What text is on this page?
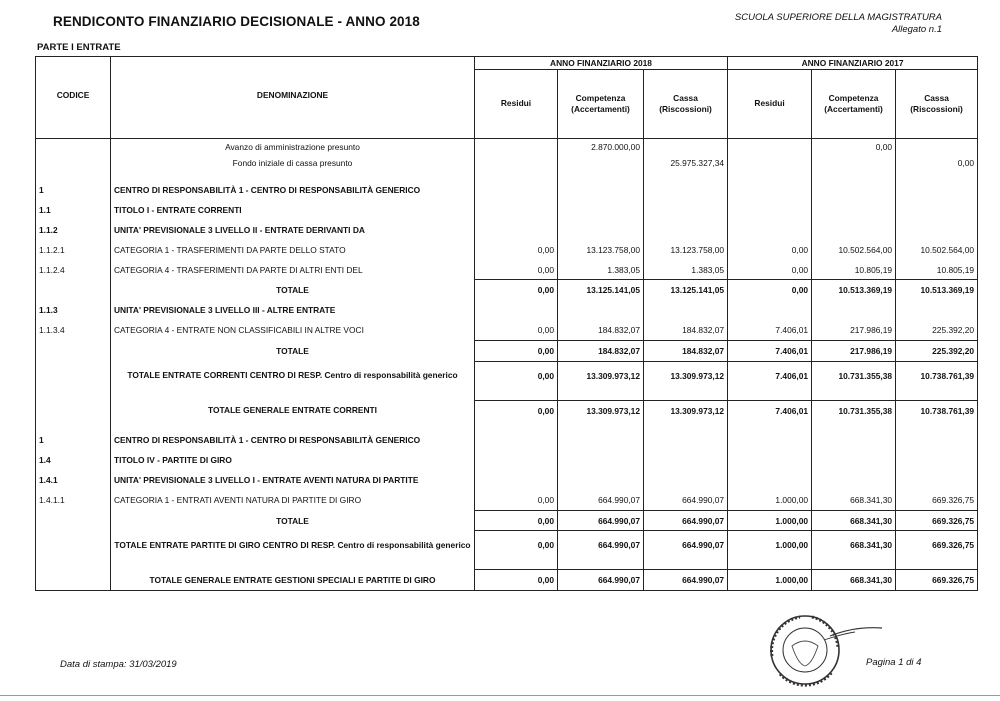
RENDICONTO FINANZIARIO DECISIONALE - ANNO 2018
PARTE I ENTRATE
SCUOLA SUPERIORE DELLA MAGISTRATURA
Allegato n.1
		ANNO FINANZIARIO 2018			ANNO FINANZIARIO 2017		
CODICE	DENOMINAZIONE	Residui	Competenza (Accertamenti)	Cassa (Riscossioni)	Residui	Competenza (Accertamenti)	Cassa (Riscossioni)
	Avanzo di amministrazione presunto		2.870.000,00			0,00	
	Fondo iniziale di cassa presunto			25.975.327,34			0,00

1	CENTRO DI RESPONSABILITÀ 1 - CENTRO DI RESPONSABILITÀ GENERICO						
1.1	TITOLO I - ENTRATE CORRENTI						
1.1.2	UNITA' PREVISIONALE 3 LIVELLO II - ENTRATE DERIVANTI DA						
1.1.2.1	CATEGORIA 1 - TRASFERIMENTI DA PARTE DELLO STATO	0,00	13.123.758,00	13.123.758,00	0,00	10.502.564,00	10.502.564,00
1.1.2.4	CATEGORIA 4 - TRASFERIMENTI DA PARTE DI ALTRI ENTI DEL	0,00	1.383,05	1.383,05	0,00	10.805,19	10.805,19
	TOTALE	0,00	13.125.141,05	13.125.141,05	0,00	10.513.369,19	10.513.369,19
1.1.3	UNITA' PREVISIONALE 3 LIVELLO III - ALTRE ENTRATE						
1.1.3.4	CATEGORIA 4 - ENTRATE NON CLASSIFICABILI IN ALTRE VOCI	0,00	184.832,07	184.832,07	7.406,01	217.986,19	225.392,20
	TOTALE	0,00	184.832,07	184.832,07	7.406,01	217.986,19	225.392,20
	TOTALE ENTRATE CORRENTI CENTRO DI RESP. Centro di responsabilità generico	0,00	13.309.973,12	13.309.973,12	7.406,01	10.731.355,38	10.738.761,39

	TOTALE GENERALE ENTRATE CORRENTI	0,00	13.309.973,12	13.309.973,12	7.406,01	10.731.355,38	10.738.761,39

1	CENTRO DI RESPONSABILITÀ 1 - CENTRO DI RESPONSABILITÀ GENERICO						
1.4	TITOLO IV - PARTITE DI GIRO						
1.4.1	UNITA' PREVISIONALE 3 LIVELLO I - ENTRATE AVENTI NATURA DI PARTITE						
1.4.1.1	CATEGORIA 1 - ENTRATI AVENTI NATURA DI PARTITE DI GIRO	0,00	664.990,07	664.990,07	1.000,00	668.341,30	669.326,75
	TOTALE	0,00	664.990,07	664.990,07	1.000,00	668.341,30	669.326,75
	TOTALE ENTRATE PARTITE DI GIRO CENTRO DI RESP. Centro di responsabilità generico	0,00	664.990,07	664.990,07	1.000,00	668.341,30	669.326,75

	TOTALE GENERALE ENTRATE GESTIONI SPECIALI E PARTITE DI GIRO	0,00	664.990,07	664.990,07	1.000,00	668.341,30	669.326,75
Data di stampa: 31/03/2019	Pagina 1 di 4
